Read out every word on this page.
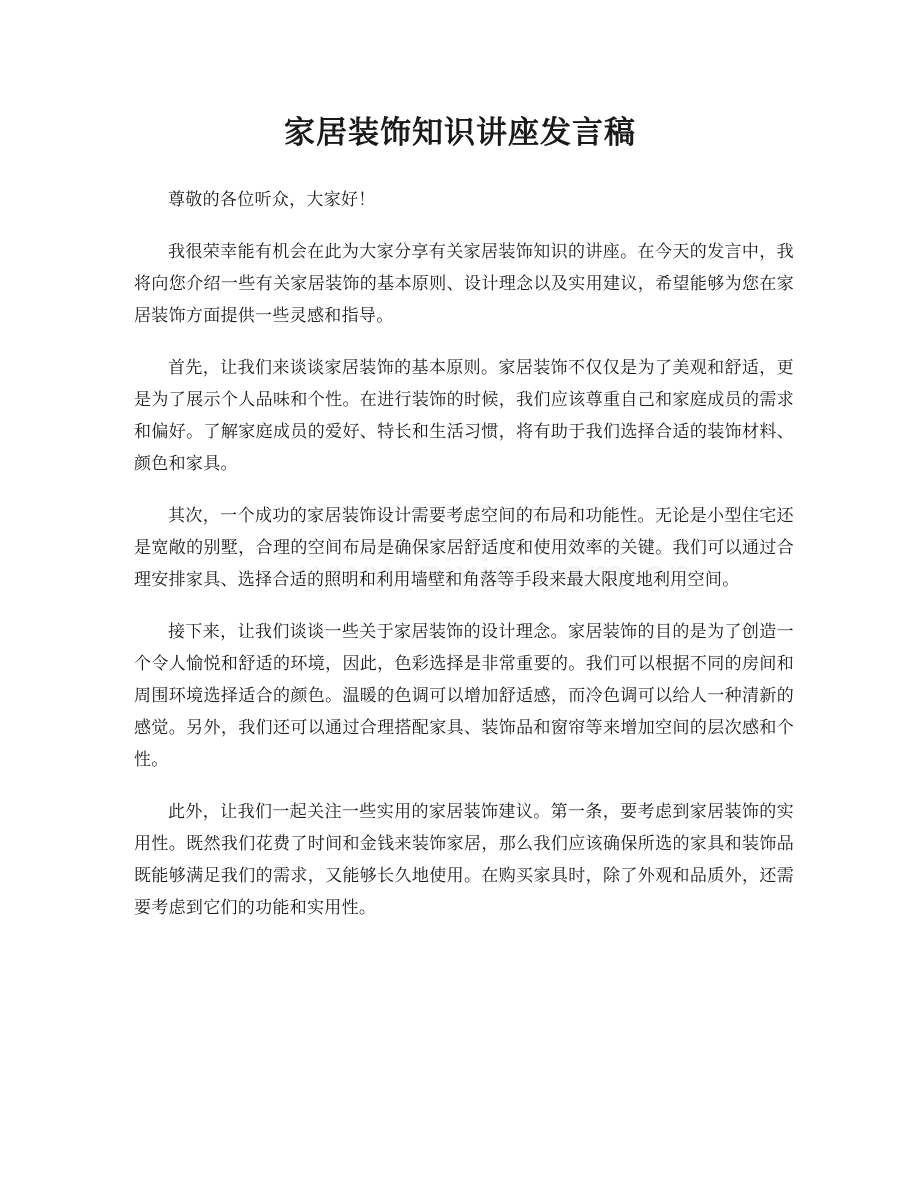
家居装饰知识讲座发言稿

尊敬的各位听众，大家好！

我很荣幸能有机会在此为大家分享有关家居装饰知识的讲座。在今天的发言中，我将向您介绍一些有关家居装饰的基本原则、设计理念以及实用建议，希望能够为您在家居装饰方面提供一些灵感和指导。

首先，让我们来谈谈家居装饰的基本原则。家居装饰不仅仅是为了美观和舒适，更是为了展示个人品味和个性。在进行装饰的时候，我们应该尊重自己和家庭成员的需求和偏好。了解家庭成员的爱好、特长和生活习惯，将有助于我们选择合适的装饰材料、颜色和家具。

其次，一个成功的家居装饰设计需要考虑空间的布局和功能性。无论是小型住宅还是宽敞的别墅，合理的空间布局是确保家居舒适度和使用效率的关键。我们可以通过合理安排家具、选择合适的照明和利用墙壁和角落等手段来最大限度地利用空间。

接下来，让我们谈谈一些关于家居装饰的设计理念。家居装饰的目的是为了创造一个令人愉悦和舒适的环境，因此，色彩选择是非常重要的。我们可以根据不同的房间和周围环境选择适合的颜色。温暖的色调可以增加舒适感，而冷色调可以给人一种清新的感觉。另外，我们还可以通过合理搭配家具、装饰品和窗帘等来增加空间的层次感和个性。

此外，让我们一起关注一些实用的家居装饰建议。第一条，要考虑到家居装饰的实用性。既然我们花费了时间和金钱来装饰家居，那么我们应该确保所选的家具和装饰品既能够满足我们的需求，又能够长久地使用。在购买家具时，除了外观和品质外，还需要考虑到它们的功能和实用性。
